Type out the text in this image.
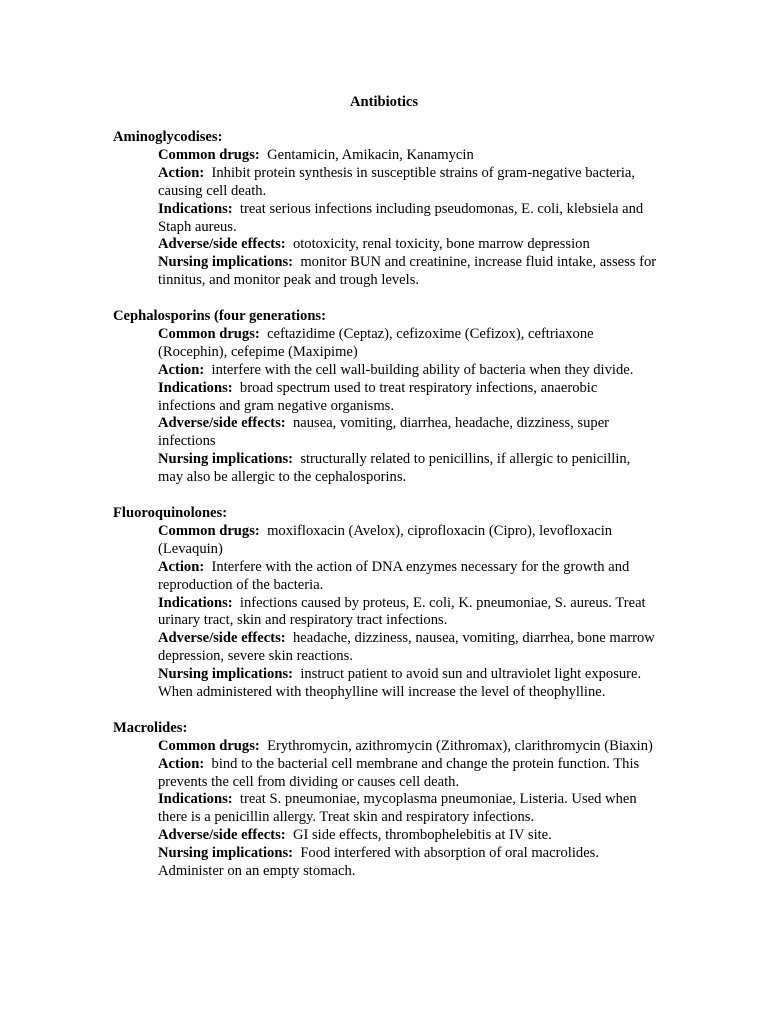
Antibiotics

Aminoglycodises:

Common drugs: Gentamicin, Amikacin, Kanamycin

Action: Inhibit protein synthesis in susceptible strains of gram-negative bacteria, causing cell death.

Indications: treat serious infections including pseudomonas, E. coli, klebsiela and Staph aureus.

Adverse/side effects: ototoxicity, renal toxicity, bone marrow depression

Nursing implications: monitor BUN and creatinine, increase fluid intake, assess for tinnitus, and monitor peak and trough levels.

Cephalosporins (four generations:

Common drugs: ceftazidime (Ceptaz), cefizoxime (Cefizox), ceftriaxone (Rocephin), cefepime (Maxipime)

Action: interfere with the cell wall-building ability of bacteria when they divide.

Indications: broad spectrum used to treat respiratory infections, anaerobic infections and gram negative organisms.

Adverse/side effects: nausea, vomiting, diarrhea, headache, dizziness, super infections

Nursing implications: structurally related to penicillins, if allergic to penicillin, may also be allergic to the cephalosporins.

Fluoroquinolones:

Common drugs: moxifloxacin (Avelox), ciprofloxacin (Cipro), levofloxacin (Levaquin)

Action: Interfere with the action of DNA enzymes necessary for the growth and reproduction of the bacteria.

Indications: infections caused by proteus, E. coli, K. pneumoniae, S. aureus. Treat urinary tract, skin and respiratory tract infections.

Adverse/side effects: headache, dizziness, nausea, vomiting, diarrhea, bone marrow depression, severe skin reactions.

Nursing implications: instruct patient to avoid sun and ultraviolet light exposure. When administered with theophylline will increase the level of theophylline.

Macrolides:

Common drugs: Erythromycin, azithromycin (Zithromax), clarithromycin (Biaxin)

Action: bind to the bacterial cell membrane and change the protein function. This prevents the cell from dividing or causes cell death.

Indications: treat S. pneumoniae, mycoplasma pneumoniae, Listeria. Used when there is a penicillin allergy. Treat skin and respiratory infections.

Adverse/side effects: GI side effects, thrombophelebitis at IV site.

Nursing implications: Food interfered with absorption of oral macrolides. Administer on an empty stomach.
